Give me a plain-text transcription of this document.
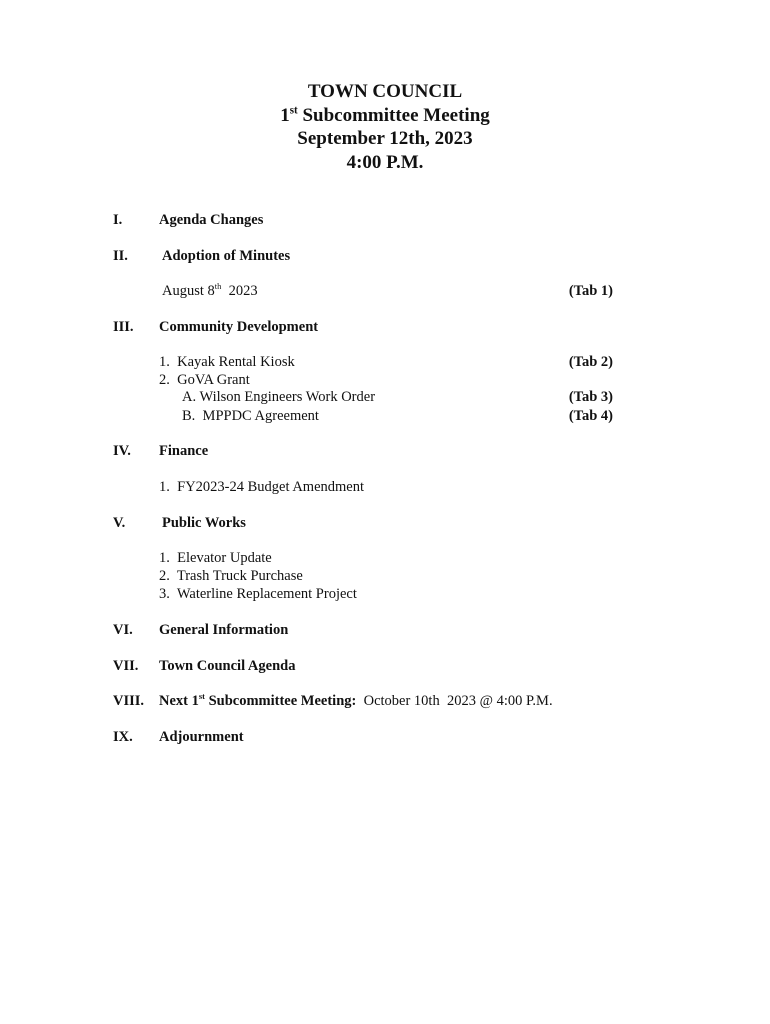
TOWN COUNCIL
1st Subcommittee Meeting
September 12th, 2023
4:00 P.M.
I.	Agenda Changes
II. Adoption of Minutes
August 8th  2023	(Tab 1)
III. Community Development
1.  Kayak Rental Kiosk	(Tab 2)
2.  GoVA Grant
A. Wilson Engineers Work Order	(Tab 3)
B.  MPPDC Agreement	(Tab 4)
IV. Finance
1.  FY2023-24 Budget Amendment
V.	Public Works
1.  Elevator Update
2.  Trash Truck Purchase
3.  Waterline Replacement Project
VI. General Information
VII. Town Council Agenda
VIII. Next 1st Subcommittee Meeting:  October 10th  2023 @ 4:00 P.M.
IX. Adjournment
